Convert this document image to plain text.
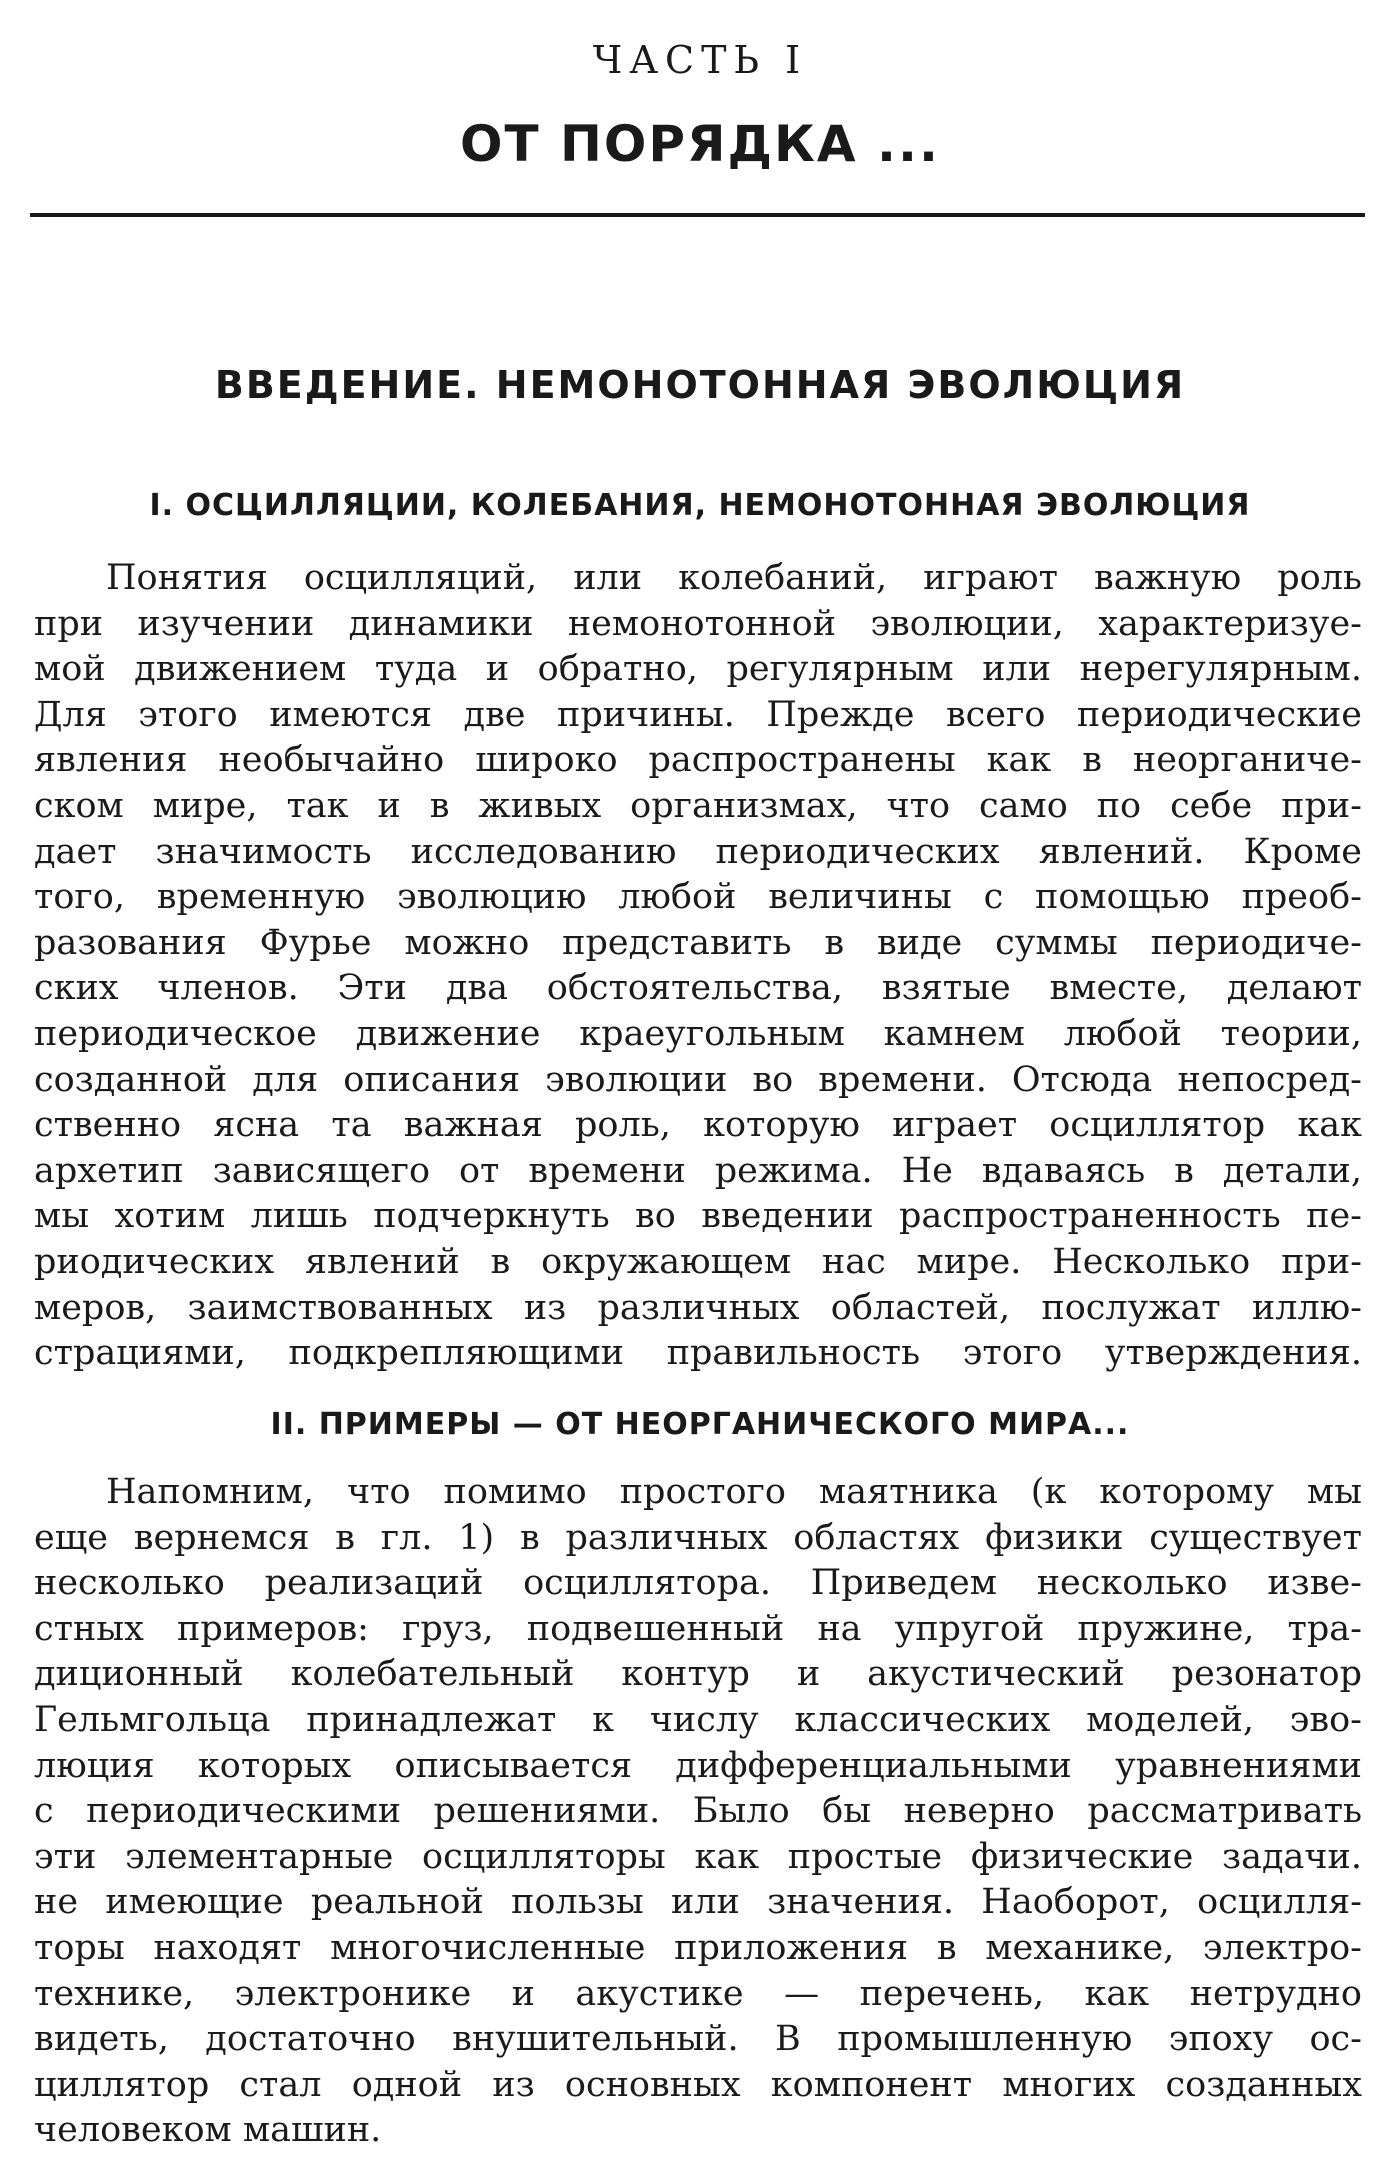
ЧАСТЬ I
ОТ ПОРЯДКА ...
ВВЕДЕНИЕ. НЕМОНОТОННАЯ ЭВОЛЮЦИЯ
I. ОСЦИЛЛЯЦИИ, КОЛЕБАНИЯ, НЕМОНОТОННАЯ ЭВОЛЮЦИЯ
Понятия осцилляций, или колебаний, играют важную роль
при изучении динамики немонотонной эволюции, характеризуе-
мой движением туда и обратно, регулярным или нерегулярным.
Для этого имеются две причины. Прежде всего периодические
явления необычайно широко распространены как в неорганиче-
ском мире, так и в живых организмах, что само по себе при-
дает значимость исследованию периодических явлений. Кроме
того, временную эволюцию любой величины с помощью преоб-
разования Фурье можно представить в виде суммы периодиче-
ских членов. Эти два обстоятельства, взятые вместе, делают
периодическое движение краеугольным камнем любой теории,
созданной для описания эволюции во времени. Отсюда непосред-
ственно ясна та важная роль, которую играет осциллятор как
архетип зависящего от времени режима. Не вдаваясь в детали,
мы хотим лишь подчеркнуть во введении распространенность пе-
риодических явлений в окружающем нас мире. Несколько при-
меров, заимствованных из различных областей, послужат иллю-
страциями, подкрепляющими правильность этого утверждения.
II. ПРИМЕРЫ — ОТ НЕОРГАНИЧЕСКОГО МИРА...
Напомним, что помимо простого маятника (к которому мы
еще вернемся в гл. 1) в различных областях физики существует
несколько реализаций осциллятора. Приведем несколько изве-
стных примеров: груз, подвешенный на упругой пружине, тра-
диционный колебательный контур и акустический резонатор
Гельмгольца принадлежат к числу классических моделей, эво-
люция которых описывается дифференциальными уравнениями
с периодическими решениями. Было бы неверно рассматривать
эти элементарные осцилляторы как простые физические задачи.
не имеющие реальной пользы или значения. Наоборот, осцилля-
торы находят многочисленные приложения в механике, электро-
технике, электронике и акустике — перечень, как нетрудно
видеть, достаточно внушительный. В промышленную эпоху ос-
циллятор стал одной из основных компонент многих созданных
человеком машин.
